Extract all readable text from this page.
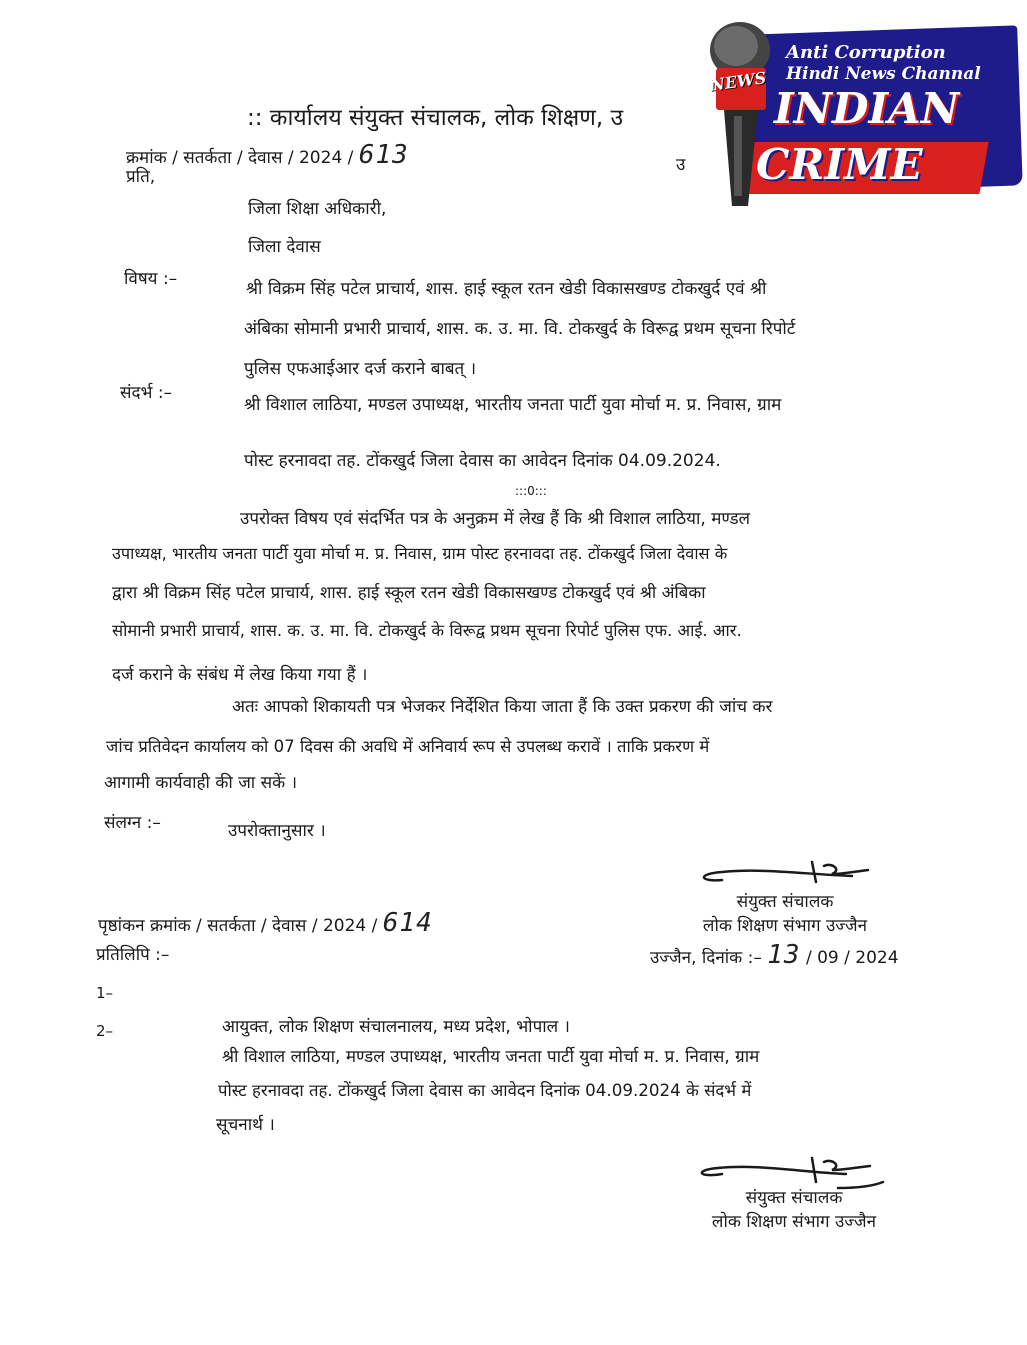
:: कार्यालय संयुक्त संचालक, लोक शिक्षण, उ
क्रमांक / सतर्कता / देवास / 2024 / 613	उ
प्रति,
जिला शिक्षा अधिकारी,
जिला देवास
विषय :–	श्री विक्रम सिंह पटेल प्राचार्य, शास. हाई स्कूल रतन खेडी विकासखण्ड टोकखुर्द एवं श्री
अंबिका सोमानी प्रभारी प्राचार्य, शास. क. उ. मा. वि. टोकखुर्द के विरूद्व प्रथम सूचना रिपोर्ट
पुलिस एफआईआर दर्ज कराने बाबत् ।
संदर्भ :–
श्री विशाल लाठिया, मण्डल उपाध्यक्ष, भारतीय जनता पार्टी युवा मोर्चा म. प्र. निवास, ग्राम
पोस्ट हरनावदा तह. टोंकखुर्द जिला देवास का आवेदन दिनांक 04.09.2024.
:::0:::
उपरोक्त विषय एवं संदर्भित पत्र के अनुक्रम में लेख हैं कि श्री विशाल लाठिया, मण्डल
उपाध्यक्ष, भारतीय जनता पार्टी युवा मोर्चा म. प्र. निवास, ग्राम पोस्ट हरनावदा तह. टोंकखुर्द जिला देवास के
द्वारा श्री विक्रम सिंह पटेल प्राचार्य, शास. हाई स्कूल रतन खेडी विकासखण्ड टोकखुर्द एवं श्री अंबिका
सोमानी प्रभारी प्राचार्य, शास. क. उ. मा. वि. टोकखुर्द के विरूद्व प्रथम सूचना रिपोर्ट पुलिस एफ. आई. आर.
दर्ज कराने के संबंध में लेख किया गया हैं ।
अतः आपको शिकायती पत्र भेजकर निर्देशित किया जाता हैं कि उक्त प्रकरण की जांच कर
जांच प्रतिवेदन कार्यालय को 07 दिवस की अवधि में अनिवार्य रूप से उपलब्ध करावें । ताकि प्रकरण में
आगामी कार्यवाही की जा सकें ।
संलग्न :–	उपरोक्तानुसार ।
संयुक्त संचालक
लोक शिक्षण संभाग उज्जैन
पृष्ठांकन क्रमांक / सतर्कता / देवास / 2024 / 614
प्रतिलिपि :–	उज्जैन, दिनांक :– 13 / 09 / 2024
1–
आयुक्त, लोक शिक्षण संचालनालय, मध्य प्रदेश, भोपाल ।
2–
श्री विशाल लाठिया, मण्डल उपाध्यक्ष, भारतीय जनता पार्टी युवा मोर्चा म. प्र. निवास, ग्राम
पोस्ट हरनावदा तह. टोंकखुर्द जिला देवास का आवेदन दिनांक 04.09.2024 के संदर्भ में
सूचनार्थ ।
संयुक्त संचालक
लोक शिक्षण संभाग उज्जैन
Anti Corruption
Hindi News Channal
INDIAN
CRIME
NEWS
